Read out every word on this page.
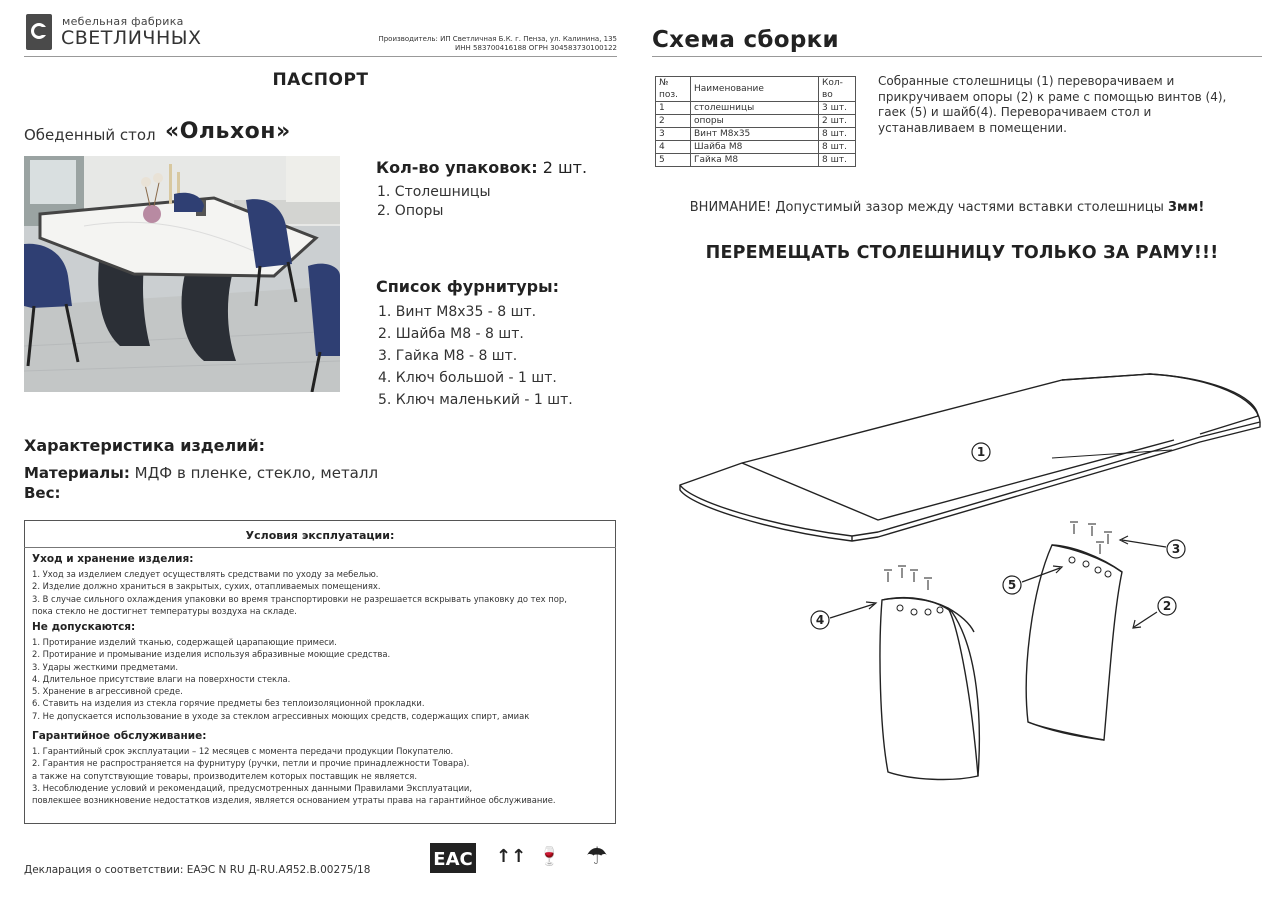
мебельная фабрика
СВЕТЛИЧНЫХ	Производитель: ИП Светличная Б.К. г. Пенза, ул. Калинина, 135
ИНН 583700416188 ОГРН 304583730100122
ПАСПОРТ
Обеденный стол «Ольхон»
Кол-во упаковок: 2 шт.
1. Столешницы
2. Опоры
Список фурнитуры:
1. Винт М8х35 - 8 шт.
2. Шайба М8 - 8 шт.
3. Гайка М8 - 8 шт.
4. Ключ большой - 1 шт.
5. Ключ маленький - 1 шт.
Характеристика изделий:
Материалы: МДФ в пленке, стекло, металл
Вес:
Условия эксплуатации:
Уход и хранение изделия:
1. Уход за изделием следует осуществлять средствами по уходу за мебелью.
2. Изделие должно храниться в закрытых, сухих, отапливаемых помещениях.
3. В случае сильного охлаждения упаковки во время транспортировки не разрешается вскрывать упаковку до тех пор,
пока стекло не достигнет температуры воздуха на складе.
Не допускаются:
1. Протирание изделий тканью, содержащей царапающие примеси.
2. Протирание и промывание изделия используя абразивные моющие средства.
3. Удары жесткими предметами.
4. Длительное присутствие влаги на поверхности стекла.
5. Хранение в агрессивной среде.
6. Ставить на изделия из стекла горячие предметы без теплоизоляционной прокладки.
7. Не допускается использование в уходе за стеклом агрессивных моющих средств, содержащих спирт, амиак
Гарантийное обслуживание:
1. Гарантийный срок эксплуатации – 12 месяцев с момента передачи продукции Покупателю.
2. Гарантия не распространяется на фурнитуру (ручки, петли и прочие принадлежности Товара).
а также на сопутствующие товары, производителем которых поставщик не является.
3. Несоблюдение условий и рекомендаций, предусмотренных данными Правилами Эксплуатации,
повлекшее возникновение недостатков изделия, является основанием утраты права на гарантийное обслуживание.
Декларация о соответствии: ЕАЭС N RU Д-RU.АЯ52.В.00275/18	EAC ↑↑ 🍷 ☂
Схема сборки
№ поз.	Наименование	Кол-во
1	столешницы	3 шт.
2	опоры	2 шт.
3	Винт М8х35	8 шт.
4	Шайба М8	8 шт.
5	Гайка М8	8 шт.
Собранные столешницы (1) переворачиваем и прикручиваем опоры (2) к раме с помощью винтов (4), гаек (5) и шайб(4). Переворачиваем стол и устанавливаем в помещении.
ВНИМАНИЕ! Допустимый зазор между частями вставки столешницы 3мм!
ПЕРЕМЕЩАТЬ СТОЛЕШНИЦУ ТОЛЬКО ЗА РАМУ!!!
1
2
3
4
5
